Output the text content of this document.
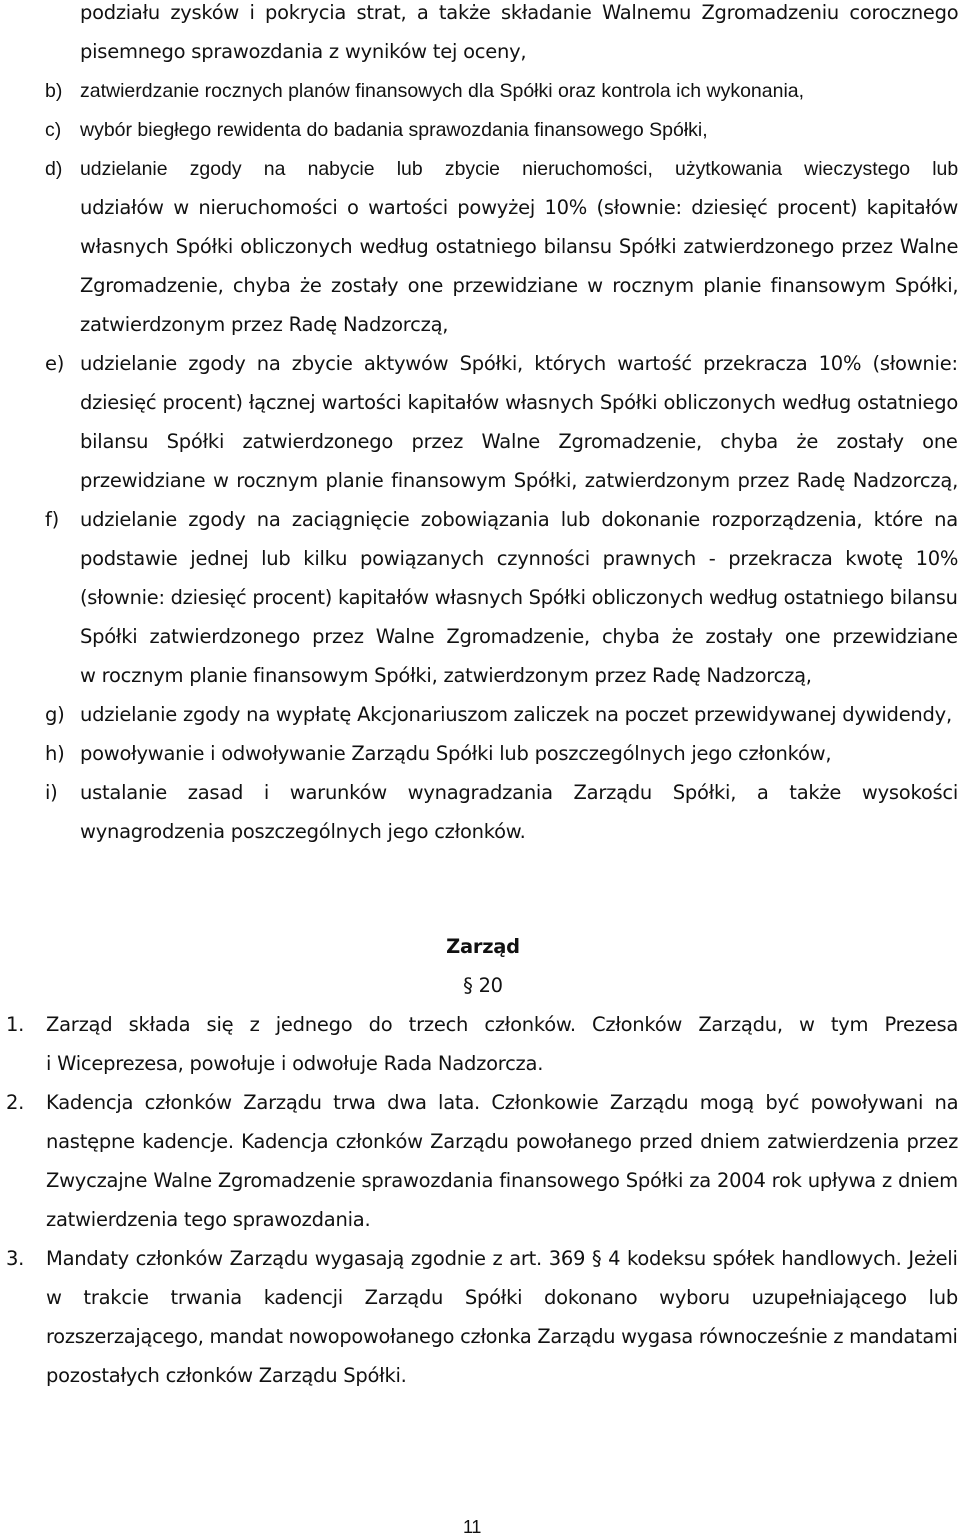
podziału zysków i pokrycia strat, a także składanie Walnemu Zgromadzeniu corocznego
pisemnego sprawozdania z wyników tej oceny,
b) zatwierdzanie rocznych planów finansowych dla Spółki oraz kontrola ich wykonania,
c) wybór biegłego rewidenta do badania sprawozdania finansowego Spółki,
d) udzielanie zgody na nabycie lub zbycie nieruchomości, użytkowania wieczystego lub
udziałów w nieruchomości o wartości powyżej 10% (słownie: dziesięć procent) kapitałów
własnych Spółki obliczonych według ostatniego bilansu Spółki zatwierdzonego przez Walne
Zgromadzenie, chyba że zostały one przewidziane w rocznym planie finansowym Spółki,
zatwierdzonym przez Radę Nadzorczą,
e) udzielanie zgody na zbycie aktywów Spółki, których wartość przekracza 10% (słownie:
dziesięć procent) łącznej wartości kapitałów własnych Spółki obliczonych według ostatniego
bilansu Spółki zatwierdzonego przez Walne Zgromadzenie, chyba że zostały one
przewidziane w rocznym planie finansowym Spółki, zatwierdzonym przez Radę Nadzorczą,
f) udzielanie zgody na zaciągnięcie zobowiązania lub dokonanie rozporządzenia, które na
podstawie jednej lub kilku powiązanych czynności prawnych - przekracza kwotę 10%
(słownie: dziesięć procent) kapitałów własnych Spółki obliczonych według ostatniego bilansu
Spółki zatwierdzonego przez Walne Zgromadzenie, chyba że zostały one przewidziane
w rocznym planie finansowym Spółki, zatwierdzonym przez Radę Nadzorczą,
g) udzielanie zgody na wypłatę Akcjonariuszom zaliczek na poczet przewidywanej dywidendy,
h) powoływanie i odwoływanie Zarządu Spółki lub poszczególnych jego członków,
i) ustalanie zasad i warunków wynagradzania Zarządu Spółki, a także wysokości
wynagrodzenia poszczególnych jego członków.
Zarząd
§ 20
1. Zarząd składa się z jednego do trzech członków. Członków Zarządu, w tym Prezesa
i Wiceprezesa, powołuje i odwołuje Rada Nadzorcza.
2. Kadencja członków Zarządu trwa dwa lata. Członkowie Zarządu mogą być powoływani na
następne kadencje. Kadencja członków Zarządu powołanego przed dniem zatwierdzenia przez
Zwyczajne Walne Zgromadzenie sprawozdania finansowego Spółki za 2004 rok upływa z dniem
zatwierdzenia tego sprawozdania.
3. Mandaty członków Zarządu wygasają zgodnie z art. 369 § 4 kodeksu spółek handlowych. Jeżeli
w trakcie trwania kadencji Zarządu Spółki dokonano wyboru uzupełniającego lub
rozszerzającego, mandat nowopowołanego członka Zarządu wygasa równocześnie z mandatami
pozostałych członków Zarządu Spółki.
11
